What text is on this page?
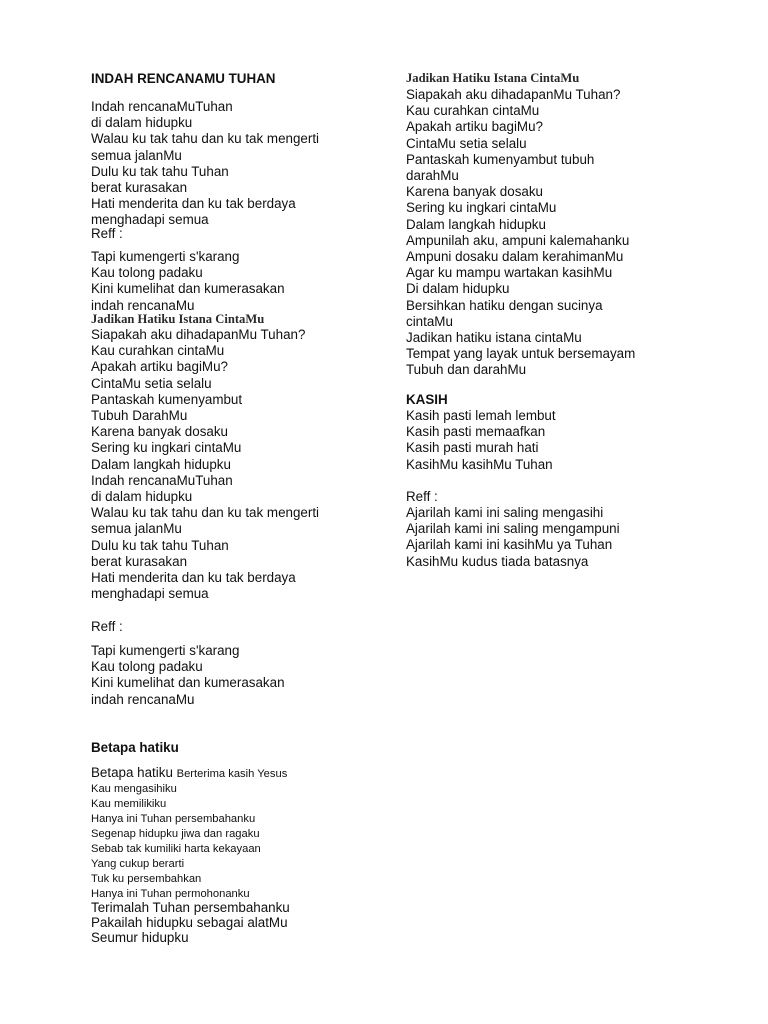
INDAH RENCANAMU TUHAN
Indah rencanaMuTuhan
di dalam hidupku
Walau ku tak tahu dan ku tak mengerti
semua jalanMu
Dulu ku tak tahu Tuhan
berat kurasakan
Hati menderita dan ku tak berdaya
menghadapi semua
Reff :
Tapi kumengerti s'karang
Kau tolong padaku
Kini kumelihat dan kumerasakan
indah rencanaMu
Jadikan Hatiku Istana CintaMu
Siapakah aku dihadapanMu Tuhan?
Kau curahkan cintaMu
Apakah artiku bagiMu?
CintaMu setia selalu
Pantaskah kumenyambut
Tubuh DarahMu
Karena banyak dosaku
Sering ku ingkari cintaMu
Dalam langkah hidupku
Indah rencanaMuTuhan
di dalam hidupku
Walau ku tak tahu dan ku tak mengerti
semua jalanMu
Dulu ku tak tahu Tuhan
berat kurasakan
Hati menderita dan ku tak berdaya
menghadapi semua
Reff :
Tapi kumengerti s'karang
Kau tolong padaku
Kini kumelihat dan kumerasakan
indah rencanaMu
Betapa hatiku
Betapa hatiku Berterima kasih Yesus
Kau mengasihiku
Kau memilikiku
Hanya ini Tuhan persembahanku
Segenap hidupku jiwa dan ragaku
Sebab tak kumiliki harta kekayaan
Yang cukup berarti
Tuk ku persembahkan
Hanya ini Tuhan permohonanku
Terimalah Tuhan persembahanku
Pakailah hidupku sebagai alatMu
Seumur hidupku
Jadikan Hatiku Istana CintaMu
Siapakah aku dihadapanMu Tuhan?
Kau curahkan cintaMu
Apakah artiku bagiMu?
CintaMu setia selalu
Pantaskah kumenyambut tubuh
darahMu
Karena banyak dosaku
Sering ku ingkari cintaMu
Dalam langkah hidupku
Ampunilah aku, ampuni kalemahanku
Ampuni dosaku dalam kerahimanMu
Agar ku mampu wartakan kasihMu
Di dalam hidupku
Bersihkan hatiku dengan sucinya
cintaMu
Jadikan hatiku istana cintaMu
Tempat yang layak untuk bersemayam
Tubuh dan darahMu
KASIH
Kasih pasti lemah lembut
Kasih pasti memaafkan
Kasih pasti murah hati
KasihMu kasihMu Tuhan
Reff :
Ajarilah kami ini saling mengasihi
Ajarilah kami ini saling mengampuni
Ajarilah kami ini kasihMu ya Tuhan
KasihMu kudus tiada batasnya
